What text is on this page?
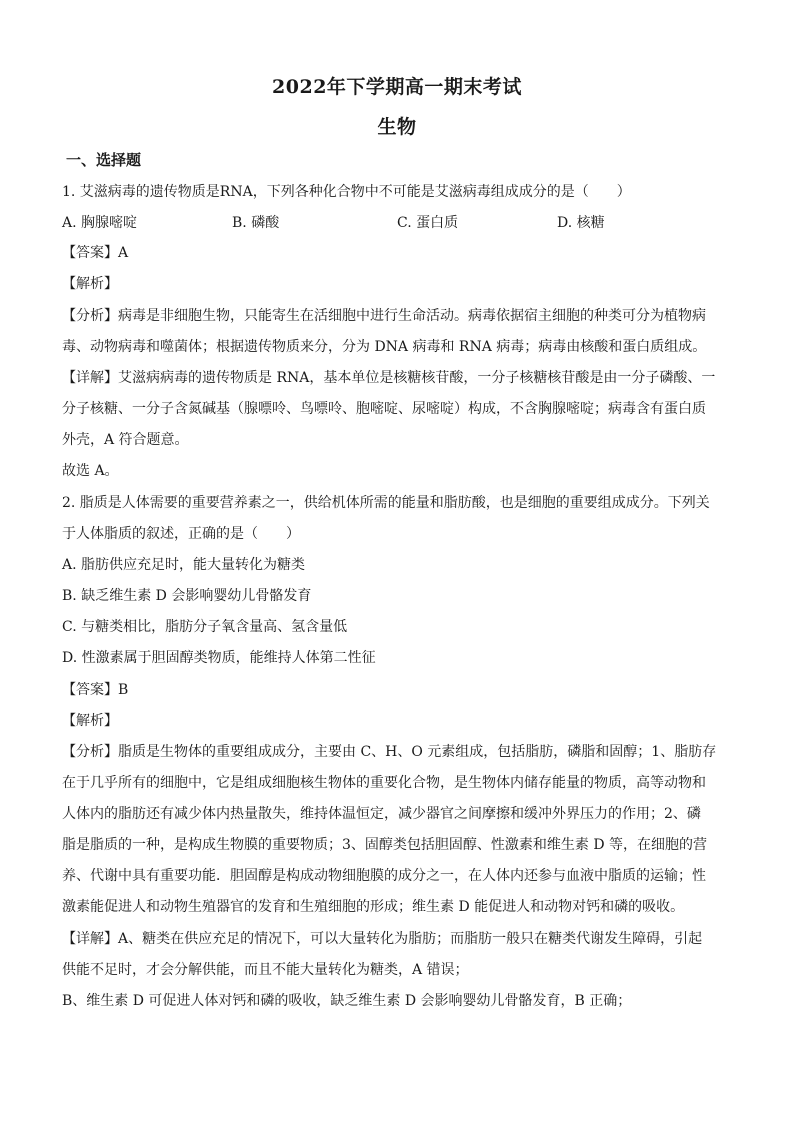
2022年下学期高一期末考试
生物
一、选择题
1. 艾滋病毒的遗传物质是RNA，下列各种化合物中不可能是艾滋病毒组成成分的是（　　）
A. 胸腺嘧啶	B. 磷酸	C. 蛋白质	D. 核糖
【答案】A
【解析】
【分析】病毒是非细胞生物，只能寄生在活细胞中进行生命活动。病毒依据宿主细胞的种类可分为植物病
毒、动物病毒和噬菌体；根据遗传物质来分，分为 DNA 病毒和 RNA 病毒；病毒由核酸和蛋白质组成。
【详解】艾滋病病毒的遗传物质是 RNA，基本单位是核糖核苷酸，一分子核糖核苷酸是由一分子磷酸、一
分子核糖、一分子含氮碱基（腺嘌呤、鸟嘌呤、胞嘧啶、尿嘧啶）构成，不含胸腺嘧啶；病毒含有蛋白质
外壳，A 符合题意。
故选 A。
2. 脂质是人体需要的重要营养素之一，供给机体所需的能量和脂肪酸，也是细胞的重要组成成分。下列关
于人体脂质的叙述，正确的是（　　）
A. 脂肪供应充足时，能大量转化为糖类
B. 缺乏维生素 D 会影响婴幼儿骨骼发育
C. 与糖类相比，脂肪分子氧含量高、氢含量低
D. 性激素属于胆固醇类物质，能维持人体第二性征
【答案】B
【解析】
【分析】脂质是生物体的重要组成成分，主要由 C、H、O 元素组成，包括脂肪，磷脂和固醇；1、脂肪存
在于几乎所有的细胞中，它是组成细胞核生物体的重要化合物，是生物体内储存能量的物质，高等动物和
人体内的脂肪还有减少体内热量散失，维持体温恒定，减少器官之间摩擦和缓冲外界压力的作用；2、磷
脂是脂质的一种，是构成生物膜的重要物质；3、固醇类包括胆固醇、性激素和维生素 D 等，在细胞的营
养、代谢中具有重要功能．胆固醇是构成动物细胞膜的成分之一，在人体内还参与血液中脂质的运输；性
激素能促进人和动物生殖器官的发育和生殖细胞的形成；维生素 D 能促进人和动物对钙和磷的吸收。
【详解】A、糖类在供应充足的情况下，可以大量转化为脂肪；而脂肪一般只在糖类代谢发生障碍，引起
供能不足时，才会分解供能，而且不能大量转化为糖类，A 错误；
B、维生素 D 可促进人体对钙和磷的吸收，缺乏维生素 D 会影响婴幼儿骨骼发育，B 正确；
